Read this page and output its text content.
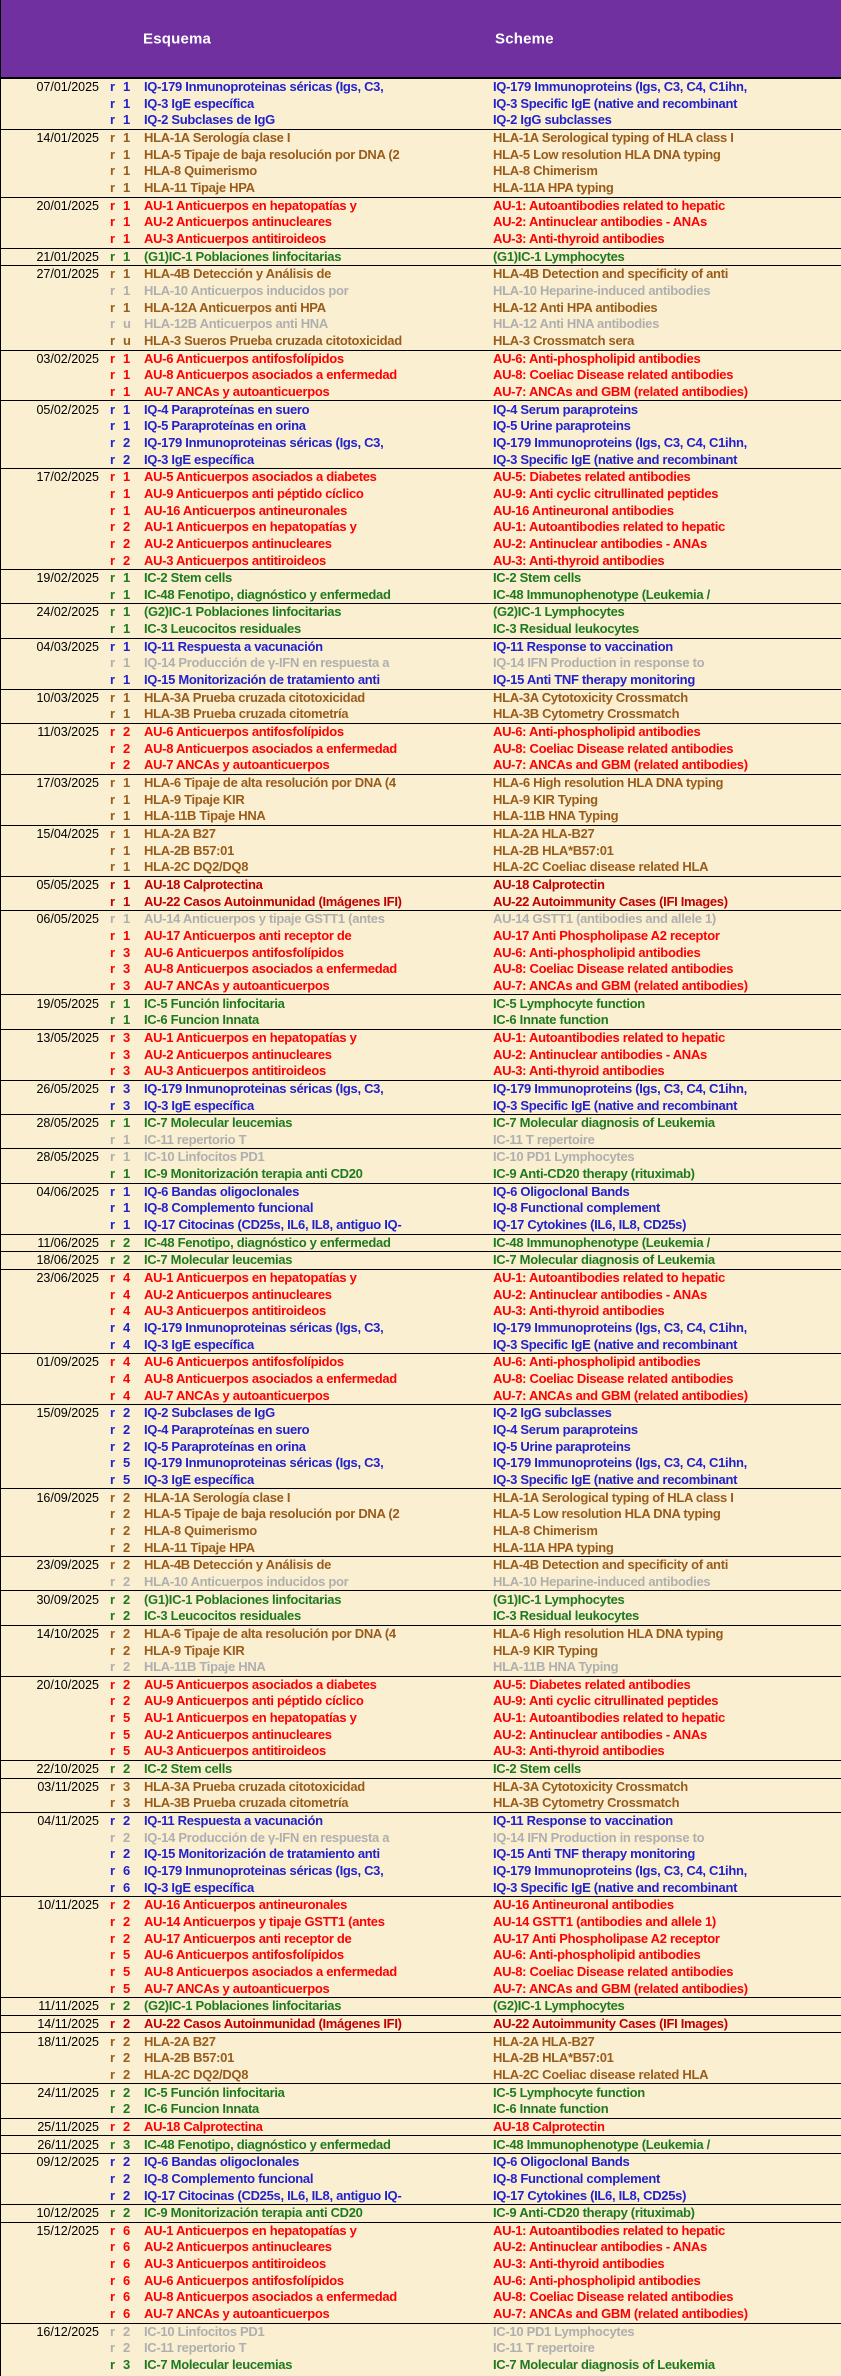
Esquema	Scheme
07/01/2025 r 1	IQ-179 Inmunoproteinas séricas (Igs, C3,	IQ-179 Immunoproteins (Igs, C3, C4, C1ihn,
r 1	IQ-3 IgE específica	IQ-3 Specific IgE (native and recombinant
r 1	IQ-2 Subclases de IgG	IQ-2 IgG subclasses
14/01/2025 r 1	HLA-1A Serología clase I	HLA-1A Serological typing of HLA class I
r 1	HLA-5 Tipaje de baja resolución por DNA (2	HLA-5 Low resolution HLA DNA typing
r 1	HLA-8 Quimerismo	HLA-8 Chimerism
r 1	HLA-11 Tipaje HPA	HLA-11A HPA typing
20/01/2025 r 1	AU-1 Anticuerpos en hepatopatías y	AU-1: Autoantibodies related to hepatic
r 1	AU-2 Anticuerpos antinucleares	AU-2: Antinuclear antibodies - ANAs
r 1	AU-3 Anticuerpos antitiroideos	AU-3: Anti-thyroid antibodies
21/01/2025 r 1	(G1)IC-1 Poblaciones linfocitarias	(G1)IC-1 Lymphocytes
27/01/2025 r 1	HLA-4B Detección y Análisis de	HLA-4B Detection and specificity of anti
r 1	HLA-10 Anticuerpos inducidos por	HLA-10 Heparine-induced antibodies
r 1	HLA-12A Anticuerpos anti HPA	HLA-12 Anti HPA antibodies
r u	HLA-12B Anticuerpos anti HNA	HLA-12 Anti HNA antibodies
r u	HLA-3 Sueros Prueba cruzada citotoxicidad	HLA-3 Crossmatch sera
03/02/2025 r 1	AU-6 Anticuerpos antifosfolípidos	AU-6: Anti-phospholipid antibodies
r 1	AU-8 Anticuerpos asociados a enfermedad	AU-8: Coeliac Disease related antibodies
r 1	AU-7 ANCAs y autoanticuerpos	AU-7: ANCAs and GBM (related antibodies)
05/02/2025 r 1	IQ-4 Paraproteínas en suero	IQ-4 Serum paraproteins
r 1	IQ-5 Paraproteínas en orina	IQ-5 Urine paraproteins
r 2	IQ-179 Inmunoproteinas séricas (Igs, C3,	IQ-179 Immunoproteins (Igs, C3, C4, C1ihn,
r 2	IQ-3 IgE específica	IQ-3 Specific IgE (native and recombinant
17/02/2025 r 1	AU-5 Anticuerpos asociados a diabetes	AU-5: Diabetes related antibodies
r 1	AU-9 Anticuerpos anti péptido cíclico	AU-9: Anti cyclic citrullinated peptides
r 1	AU-16 Anticuerpos antineuronales	AU-16 Antineuronal antibodies
r 2	AU-1 Anticuerpos en hepatopatías y	AU-1: Autoantibodies related to hepatic
r 2	AU-2 Anticuerpos antinucleares	AU-2: Antinuclear antibodies - ANAs
r 2	AU-3 Anticuerpos antitiroideos	AU-3: Anti-thyroid antibodies
19/02/2025 r 1	IC-2 Stem cells	IC-2 Stem cells
r 1	IC-48 Fenotipo, diagnóstico y enfermedad	IC-48 Immunophenotype (Leukemia /
24/02/2025 r 1	(G2)IC-1 Poblaciones linfocitarias	(G2)IC-1 Lymphocytes
r 1	IC-3 Leucocitos residuales	IC-3 Residual leukocytes
04/03/2025 r 1	IQ-11 Respuesta a vacunación	IQ-11 Response to vaccination
r 1	IQ-14 Producción de γ-IFN en respuesta a	IQ-14 IFN Production in response to
r 1	IQ-15 Monitorización de tratamiento anti	IQ-15 Anti TNF therapy monitoring
10/03/2025 r 1	HLA-3A Prueba cruzada citotoxicidad	HLA-3A Cytotoxicity Crossmatch
r 1	HLA-3B Prueba cruzada citometría	HLA-3B Cytometry Crossmatch
11/03/2025 r 2	AU-6 Anticuerpos antifosfolípidos	AU-6: Anti-phospholipid antibodies
r 2	AU-8 Anticuerpos asociados a enfermedad	AU-8: Coeliac Disease related antibodies
r 2	AU-7 ANCAs y autoanticuerpos	AU-7: ANCAs and GBM (related antibodies)
17/03/2025 r 1	HLA-6 Tipaje de alta resolución por DNA (4	HLA-6 High resolution HLA DNA typing
r 1	HLA-9 Tipaje KIR	HLA-9 KIR Typing
r 1	HLA-11B Tipaje HNA	HLA-11B HNA Typing
15/04/2025 r 1	HLA-2A B27	HLA-2A HLA-B27
r 1	HLA-2B B57:01	HLA-2B HLA*B57:01
r 1	HLA-2C DQ2/DQ8	HLA-2C Coeliac disease related HLA
05/05/2025 r 1	AU-18 Calprotectina	AU-18 Calprotectin
r 1	AU-22 Casos Autoinmunidad (Imágenes IFI)	AU-22 Autoimmunity Cases (IFI Images)
06/05/2025 r 1	AU-14 Anticuerpos y tipaje GSTT1 (antes	AU-14 GSTT1 (antibodies and allele 1)
r 1	AU-17 Anticuerpos anti receptor de	AU-17 Anti Phospholipase A2 receptor
r 3	AU-6 Anticuerpos antifosfolípidos	AU-6: Anti-phospholipid antibodies
r 3	AU-8 Anticuerpos asociados a enfermedad	AU-8: Coeliac Disease related antibodies
r 3	AU-7 ANCAs y autoanticuerpos	AU-7: ANCAs and GBM (related antibodies)
19/05/2025 r 1	IC-5 Función linfocitaria	IC-5 Lymphocyte function
r 1	IC-6 Funcion Innata	IC-6 Innate function
13/05/2025 r 3	AU-1 Anticuerpos en hepatopatías y	AU-1: Autoantibodies related to hepatic
r 3	AU-2 Anticuerpos antinucleares	AU-2: Antinuclear antibodies - ANAs
r 3	AU-3 Anticuerpos antitiroideos	AU-3: Anti-thyroid antibodies
26/05/2025 r 3	IQ-179 Inmunoproteinas séricas (Igs, C3,	IQ-179 Immunoproteins (Igs, C3, C4, C1ihn,
r 3	IQ-3 IgE específica	IQ-3 Specific IgE (native and recombinant
28/05/2025 r 1	IC-7 Molecular leucemias	IC-7 Molecular diagnosis of Leukemia
r 1	IC-11 repertorio T	IC-11 T repertoire
28/05/2025 r 1	IC-10 Linfocitos PD1	IC-10 PD1 Lymphocytes
r 1	IC-9 Monitorización terapia anti CD20	IC-9 Anti-CD20 therapy (rituximab)
04/06/2025 r 1	IQ-6 Bandas oligoclonales	IQ-6 Oligoclonal Bands
r 1	IQ-8 Complemento funcional	IQ-8 Functional complement
r 1	IQ-17 Citocinas (CD25s, IL6, IL8, antiguo IQ-	IQ-17 Cytokines (IL6, IL8, CD25s)
11/06/2025 r 2	IC-48 Fenotipo, diagnóstico y enfermedad	IC-48 Immunophenotype (Leukemia /
18/06/2025 r 2	IC-7 Molecular leucemias	IC-7 Molecular diagnosis of Leukemia
23/06/2025 r 4	AU-1 Anticuerpos en hepatopatías y	AU-1: Autoantibodies related to hepatic
r 4	AU-2 Anticuerpos antinucleares	AU-2: Antinuclear antibodies - ANAs
r 4	AU-3 Anticuerpos antitiroideos	AU-3: Anti-thyroid antibodies
r 4	IQ-179 Inmunoproteinas séricas (Igs, C3,	IQ-179 Immunoproteins (Igs, C3, C4, C1ihn,
r 4	IQ-3 IgE específica	IQ-3 Specific IgE (native and recombinant
01/09/2025 r 4	AU-6 Anticuerpos antifosfolípidos	AU-6: Anti-phospholipid antibodies
r 4	AU-8 Anticuerpos asociados a enfermedad	AU-8: Coeliac Disease related antibodies
r 4	AU-7 ANCAs y autoanticuerpos	AU-7: ANCAs and GBM (related antibodies)
15/09/2025 r 2	IQ-2 Subclases de IgG	IQ-2 IgG subclasses
r 2	IQ-4 Paraproteínas en suero	IQ-4 Serum paraproteins
r 2	IQ-5 Paraproteínas en orina	IQ-5 Urine paraproteins
r 5	IQ-179 Inmunoproteinas séricas (Igs, C3,	IQ-179 Immunoproteins (Igs, C3, C4, C1ihn,
r 5	IQ-3 IgE específica	IQ-3 Specific IgE (native and recombinant
16/09/2025 r 2	HLA-1A Serología clase I	HLA-1A Serological typing of HLA class I
r 2	HLA-5 Tipaje de baja resolución por DNA (2	HLA-5 Low resolution HLA DNA typing
r 2	HLA-8 Quimerismo	HLA-8 Chimerism
r 2	HLA-11 Tipaje HPA	HLA-11A HPA typing
23/09/2025 r 2	HLA-4B Detección y Análisis de	HLA-4B Detection and specificity of anti
r 2	HLA-10 Anticuerpos inducidos por	HLA-10 Heparine-induced antibodies
30/09/2025 r 2	(G1)IC-1 Poblaciones linfocitarias	(G1)IC-1 Lymphocytes
r 2	IC-3 Leucocitos residuales	IC-3 Residual leukocytes
14/10/2025 r 2	HLA-6 Tipaje de alta resolución por DNA (4	HLA-6 High resolution HLA DNA typing
r 2	HLA-9 Tipaje KIR	HLA-9 KIR Typing
r 2	HLA-11B Tipaje HNA	HLA-11B HNA Typing
20/10/2025 r 2	AU-5 Anticuerpos asociados a diabetes	AU-5: Diabetes related antibodies
r 2	AU-9 Anticuerpos anti péptido cíclico	AU-9: Anti cyclic citrullinated peptides
r 5	AU-1 Anticuerpos en hepatopatías y	AU-1: Autoantibodies related to hepatic
r 5	AU-2 Anticuerpos antinucleares	AU-2: Antinuclear antibodies - ANAs
r 5	AU-3 Anticuerpos antitiroideos	AU-3: Anti-thyroid antibodies
22/10/2025 r 2	IC-2 Stem cells	IC-2 Stem cells
03/11/2025 r 3	HLA-3A Prueba cruzada citotoxicidad	HLA-3A Cytotoxicity Crossmatch
r 3	HLA-3B Prueba cruzada citometría	HLA-3B Cytometry Crossmatch
04/11/2025 r 2	IQ-11 Respuesta a vacunación	IQ-11 Response to vaccination
r 2	IQ-14 Producción de γ-IFN en respuesta a	IQ-14 IFN Production in response to
r 2	IQ-15 Monitorización de tratamiento anti	IQ-15 Anti TNF therapy monitoring
r 6	IQ-179 Inmunoproteinas séricas (Igs, C3,	IQ-179 Immunoproteins (Igs, C3, C4, C1ihn,
r 6	IQ-3 IgE específica	IQ-3 Specific IgE (native and recombinant
10/11/2025 r 2	AU-16 Anticuerpos antineuronales	AU-16 Antineuronal antibodies
r 2	AU-14 Anticuerpos y tipaje GSTT1 (antes	AU-14 GSTT1 (antibodies and allele 1)
r 2	AU-17 Anticuerpos anti receptor de	AU-17 Anti Phospholipase A2 receptor
r 5	AU-6 Anticuerpos antifosfolípidos	AU-6: Anti-phospholipid antibodies
r 5	AU-8 Anticuerpos asociados a enfermedad	AU-8: Coeliac Disease related antibodies
r 5	AU-7 ANCAs y autoanticuerpos	AU-7: ANCAs and GBM (related antibodies)
11/11/2025 r 2	(G2)IC-1 Poblaciones linfocitarias	(G2)IC-1 Lymphocytes
14/11/2025 r 2	AU-22 Casos Autoinmunidad (Imágenes IFI)	AU-22 Autoimmunity Cases (IFI Images)
18/11/2025 r 2	HLA-2A B27	HLA-2A HLA-B27
r 2	HLA-2B B57:01	HLA-2B HLA*B57:01
r 2	HLA-2C DQ2/DQ8	HLA-2C Coeliac disease related HLA
24/11/2025 r 2	IC-5 Función linfocitaria	IC-5 Lymphocyte function
r 2	IC-6 Funcion Innata	IC-6 Innate function
25/11/2025 r 2	AU-18 Calprotectina	AU-18 Calprotectin
26/11/2025 r 3	IC-48 Fenotipo, diagnóstico y enfermedad	IC-48 Immunophenotype (Leukemia /
09/12/2025 r 2	IQ-6 Bandas oligoclonales	IQ-6 Oligoclonal Bands
r 2	IQ-8 Complemento funcional	IQ-8 Functional complement
r 2	IQ-17 Citocinas (CD25s, IL6, IL8, antiguo IQ-	IQ-17 Cytokines (IL6, IL8, CD25s)
10/12/2025 r 2	IC-9 Monitorización terapia anti CD20	IC-9 Anti-CD20 therapy (rituximab)
15/12/2025 r 6	AU-1 Anticuerpos en hepatopatías y	AU-1: Autoantibodies related to hepatic
r 6	AU-2 Anticuerpos antinucleares	AU-2: Antinuclear antibodies - ANAs
r 6	AU-3 Anticuerpos antitiroideos	AU-3: Anti-thyroid antibodies
r 6	AU-6 Anticuerpos antifosfolípidos	AU-6: Anti-phospholipid antibodies
r 6	AU-8 Anticuerpos asociados a enfermedad	AU-8: Coeliac Disease related antibodies
r 6	AU-7 ANCAs y autoanticuerpos	AU-7: ANCAs and GBM (related antibodies)
16/12/2025 r 2	IC-10 Linfocitos PD1	IC-10 PD1 Lymphocytes
r 2	IC-11 repertorio T	IC-11 T repertoire
r 3	IC-7 Molecular leucemias	IC-7 Molecular diagnosis of Leukemia
